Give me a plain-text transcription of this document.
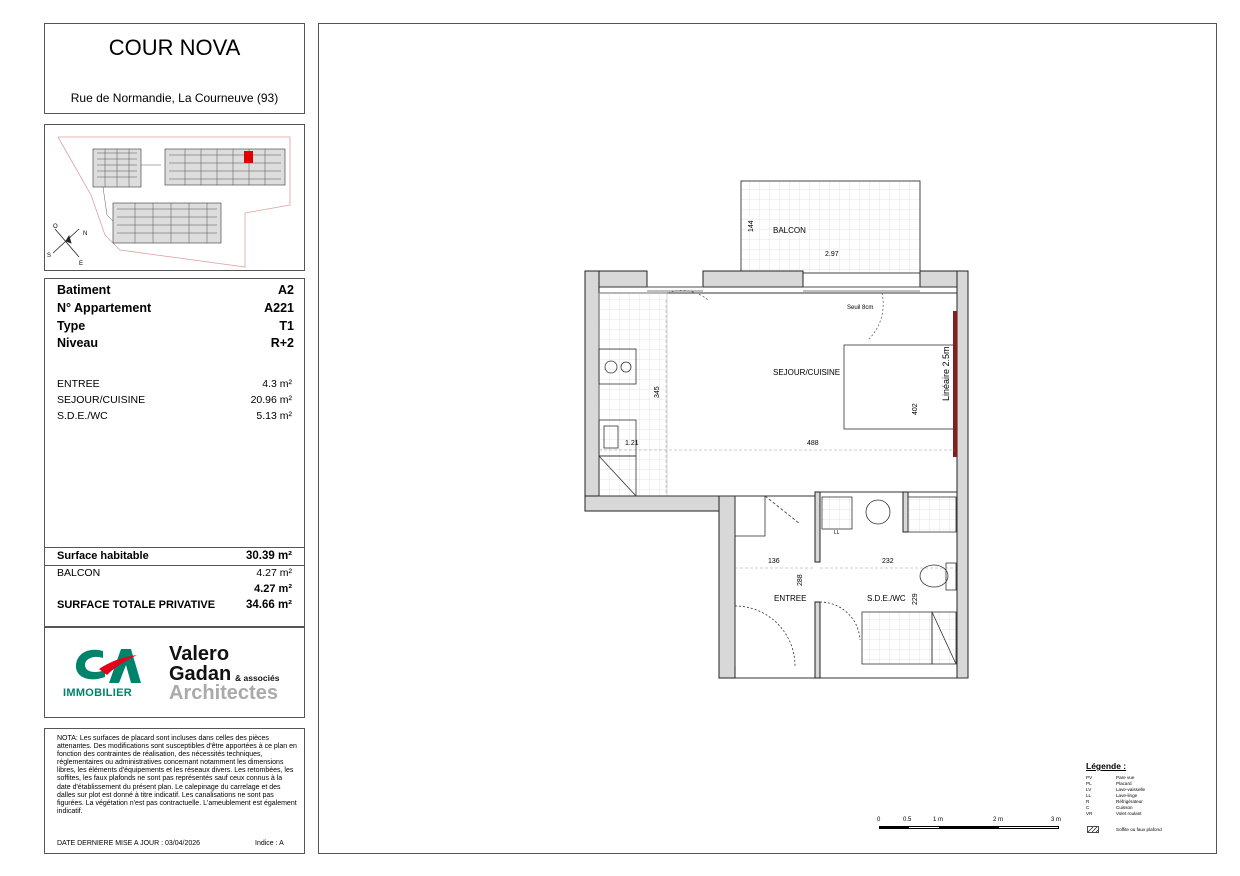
COUR NOVA
Rue de Normandie, La Courneuve (93)
O
N
S
E
Batiment	A2
N° Appartement	A221
Type	T1
Niveau	R+2
ENTREE	4.3 m²
SEJOUR/CUISINE	20.96 m²
S.D.E./WC	5.13 m²
Surface habitable	30.39 m²
BALCON	4.27 m²
4.27 m²
SURFACE TOTALE PRIVATIVE	34.66 m²
IMMOBILIER
Valero
Gadan & associés
Architectes
NOTA: Les surfaces de placard sont incluses dans celles des pièces attenantes. Des modifications sont susceptibles d'être apportées à ce plan en fonction des contraintes de réalisation, des nécessités techniques, réglementaires ou administratives concernant notamment les dimensions libres, les éléments d'équipements et les réseaux divers. Les retombées, les soffites, les faux plafonds ne sont pas représentés sauf ceux connus à la date d'établissement du présent plan. Le calepinage du carrelage et des dalles sur plot est donné à titre indicatif. Les canalisations ne sont pas figurées. La végétation n'est pas contractuelle. L'ameublement est également indicatif.
DATE DERNIERE MISE A JOUR : 03/04/2026	Indice : A
BALCON
144
2.97
Seuil 8cm
SEJOUR/CUISINE	Linéaire 2.5m
345
402
1.21	488
136
288
232
229
ENTREE	S.D.E./WC
LL
0	0.5	1 m	2 m	3 m
Légende :
PV	Pare vue
PL	Placard
LV	Lave-vaisselle
LL	Lave-linge
R	Réfrigérateur
C	Cuisson
VR	Volet roulant
Soffite ou faux plafond
